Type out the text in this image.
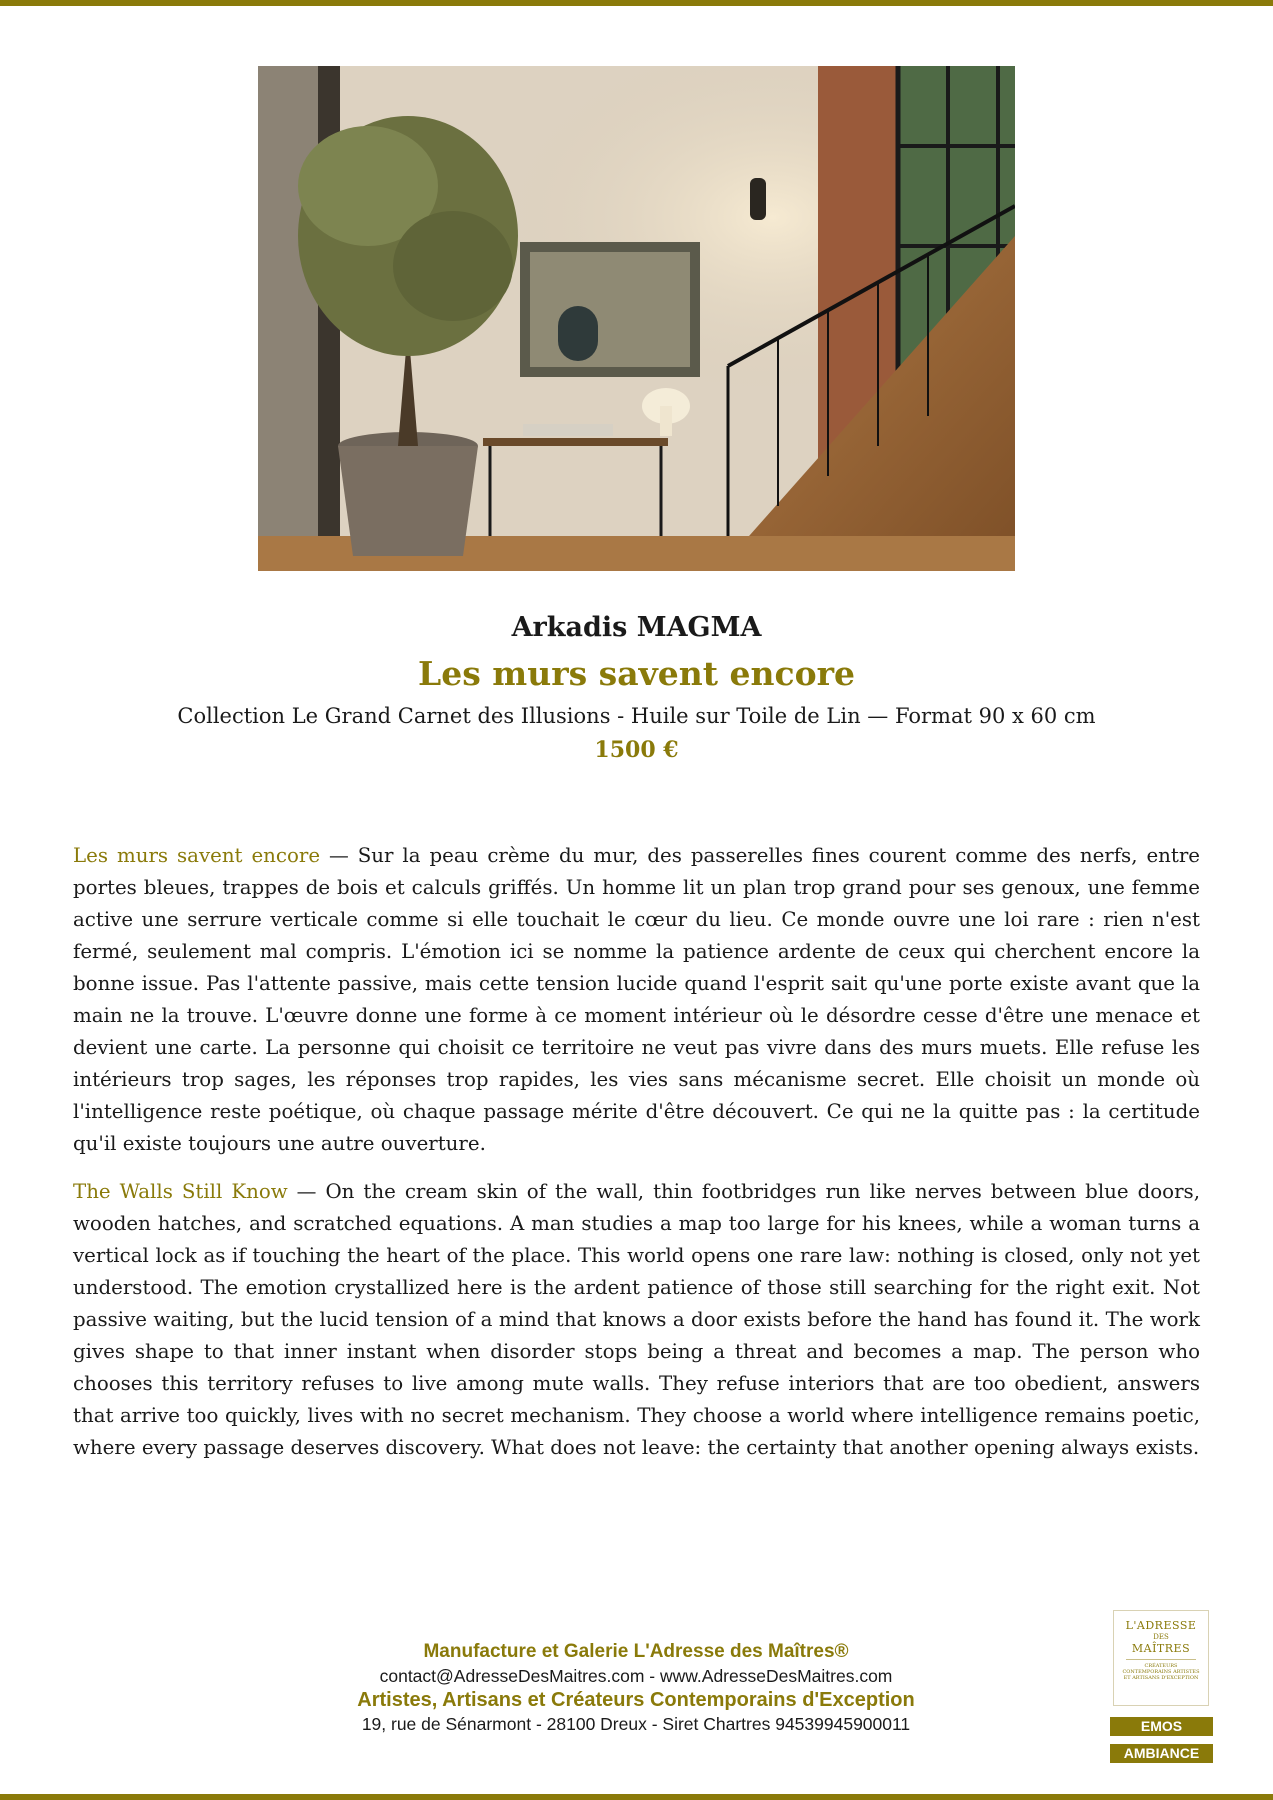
Arkadis MAGMA
Les murs savent encore
Collection Le Grand Carnet des Illusions - Huile sur Toile de Lin — Format 90 x 60 cm
1500 €

Les murs savent encore — Sur la peau crème du mur, des passerelles fines courent comme des nerfs, entre portes bleues, trappes de bois et calculs griffés. Un homme lit un plan trop grand pour ses genoux, une femme active une serrure verticale comme si elle touchait le cœur du lieu. Ce monde ouvre une loi rare : rien n'est fermé, seulement mal compris. L'émotion ici se nomme la patience ardente de ceux qui cherchent encore la bonne issue. Pas l'attente passive, mais cette tension lucide quand l'esprit sait qu'une porte existe avant que la main ne la trouve. L'œuvre donne une forme à ce moment intérieur où le désordre cesse d'être une menace et devient une carte. La personne qui choisit ce territoire ne veut pas vivre dans des murs muets. Elle refuse les intérieurs trop sages, les réponses trop rapides, les vies sans mécanisme secret. Elle choisit un monde où l'intelligence reste poétique, où chaque passage mérite d'être découvert. Ce qui ne la quitte pas : la certitude qu'il existe toujours une autre ouverture.

The Walls Still Know — On the cream skin of the wall, thin footbridges run like nerves between blue doors, wooden hatches, and scratched equations. A man studies a map too large for his knees, while a woman turns a vertical lock as if touching the heart of the place. This world opens one rare law: nothing is closed, only not yet understood. The emotion crystallized here is the ardent patience of those still searching for the right exit. Not passive waiting, but the lucid tension of a mind that knows a door exists before the hand has found it. The work gives shape to that inner instant when disorder stops being a threat and becomes a map. The person who chooses this territory refuses to live among mute walls. They refuse interiors that are too obedient, answers that arrive too quickly, lives with no secret mechanism. They choose a world where intelligence remains poetic, where every passage deserves discovery. What does not leave: the certainty that another opening always exists.

Manufacture et Galerie L'Adresse des Maîtres®
contact@AdresseDesMaitres.com - www.AdresseDesMaitres.com
Artistes, Artisans et Créateurs Contemporains d'Exception
19, rue de Sénarmont - 28100 Dreux - Siret Chartres 94539945900011
L'ADRESSE
DES
MAÎTRES
CRÉATEURS CONTEMPORAINS ARTISTES ET ARTISANS D'EXCEPTION
EMOS
AMBIANCE
